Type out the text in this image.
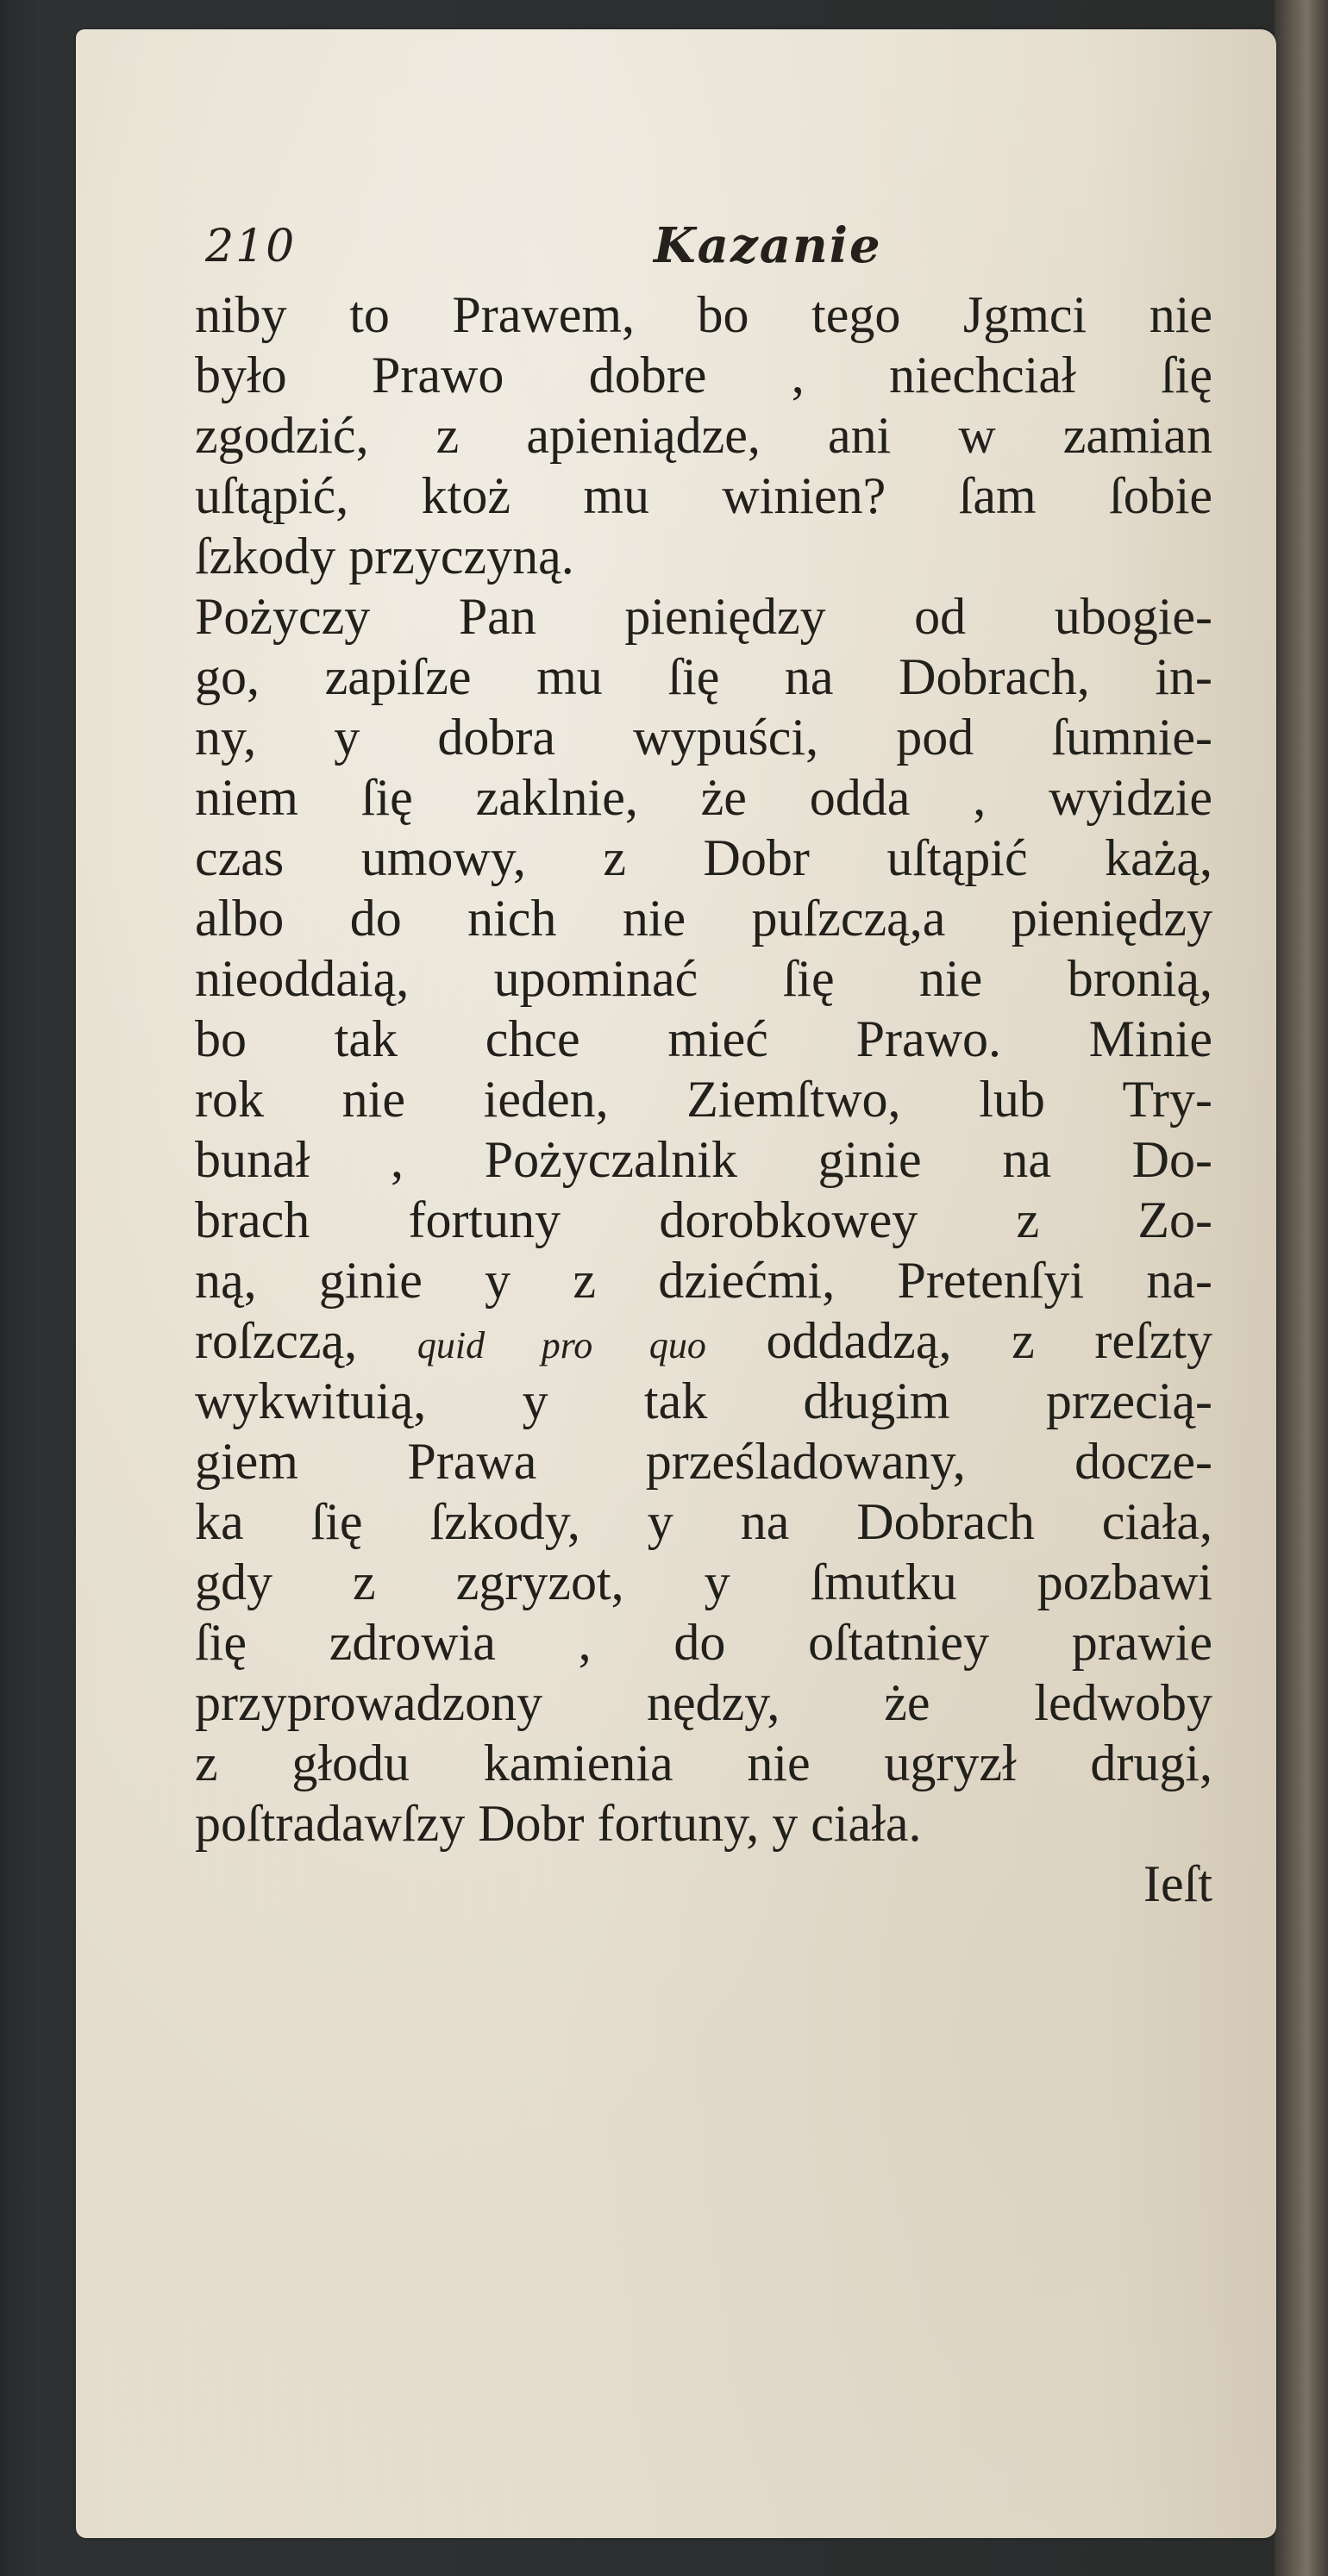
210	Kazanie
niby to Prawem, bo tego Jgmci nie
było Prawo dobre , niechciał ſię
zgodzić, z apieniądze, ani w zamian
uſtąpić, ktoż mu winien? ſam ſobie
ſzkody przyczyną.
Pożyczy Pan pieniędzy od ubogie-
go, zapiſze mu ſię na Dobrach, in-
ny, y dobra wypuści, pod ſumnie-
niem ſię zaklnie, że odda , wyidzie
czas umowy, z Dobr uſtąpić każą,
albo do nich nie puſzczą,a pieniędzy
nieoddaią, upominać ſię nie bronią,
bo tak chce mieć Prawo. Minie
rok nie ieden, Ziemſtwo, lub Try-
bunał , Pożyczalnik ginie na Do-
brach fortuny dorobkowey z Zo-
ną, ginie y z dziećmi, Pretenſyi na-
roſzczą, quid pro quo oddadzą, z reſzty
wykwituią, y tak długim przecią-
giem Prawa prześladowany, docze-
ka ſię ſzkody, y na Dobrach ciała,
gdy z zgryzot, y ſmutku pozbawi
ſię zdrowia , do oſtatniey prawie
przyprowadzony nędzy, że ledwoby
z głodu kamienia nie ugryzł drugi,
poſtradawſzy Dobr fortuny, y ciała.
Ieſt
